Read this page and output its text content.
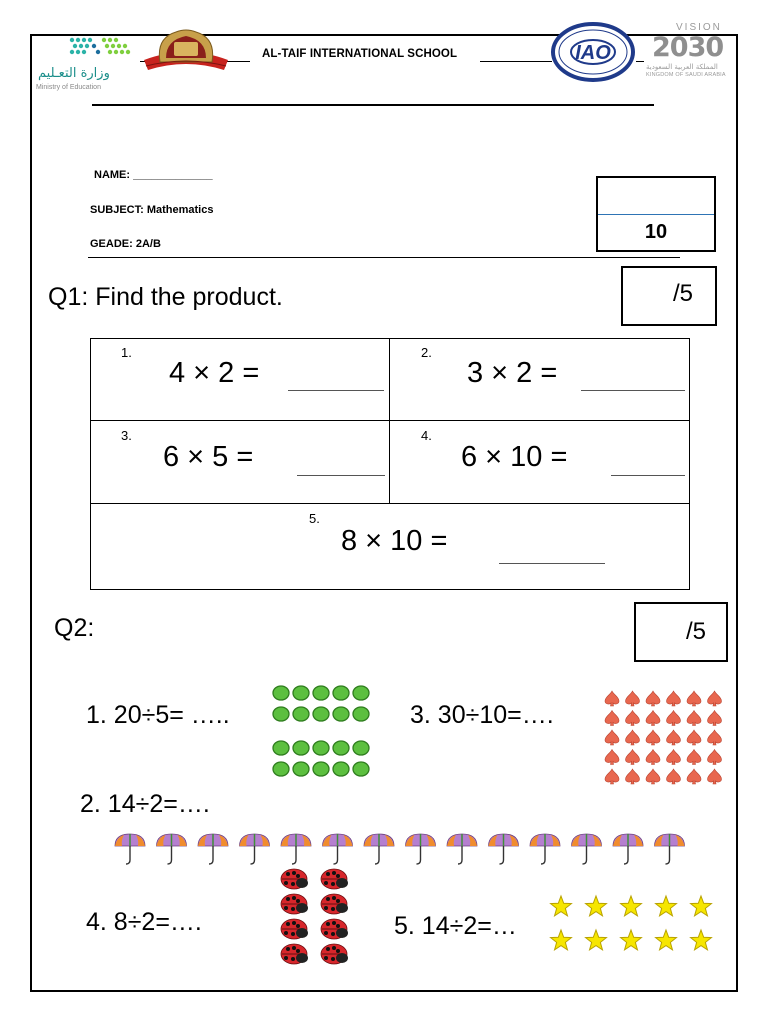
وزارة التعـليم
Ministry of Education
AL-TAIF INTERNATIONAL SCHOOL	IAO
VISION
2030
المملكة العربية السعودية
KINGDOM OF SAUDI ARABIA
NAME: _____________
SUBJECT: Mathematics
GEADE: 2A/B
10
Q1: Find the product.	/5
1.
4 × 2 =
2.
3 × 2 =
3.
6 × 5 =
4.
6 × 10 =
5.
8 × 10 =
Q2:	/5
1. 20÷5= …..	3. 30÷10=….
2. 14÷2=….
4. 8÷2=….	5. 14÷2=…
